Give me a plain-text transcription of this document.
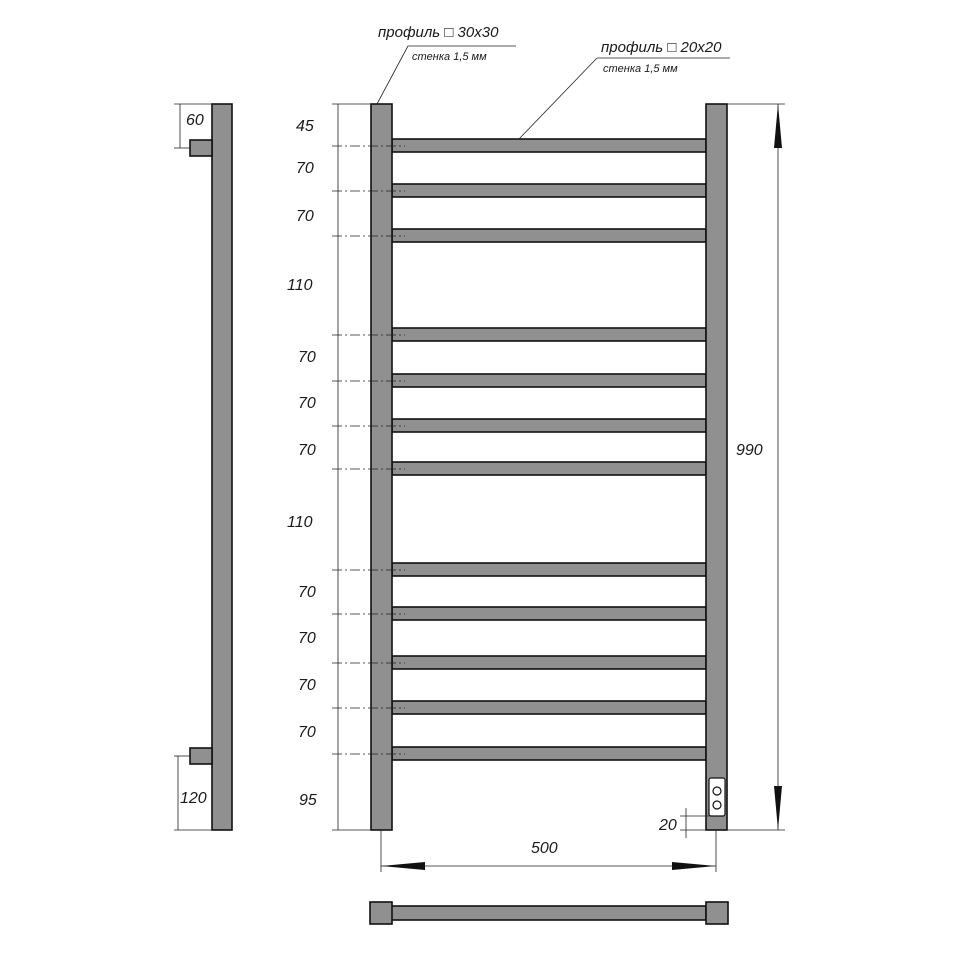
60
120
45
70
70
110
70
70
70
110
70
70
70
70
95
профиль □ 30x30
стенка 1,5 мм
профиль □ 20x20
стенка 1,5 мм
990
20
500
